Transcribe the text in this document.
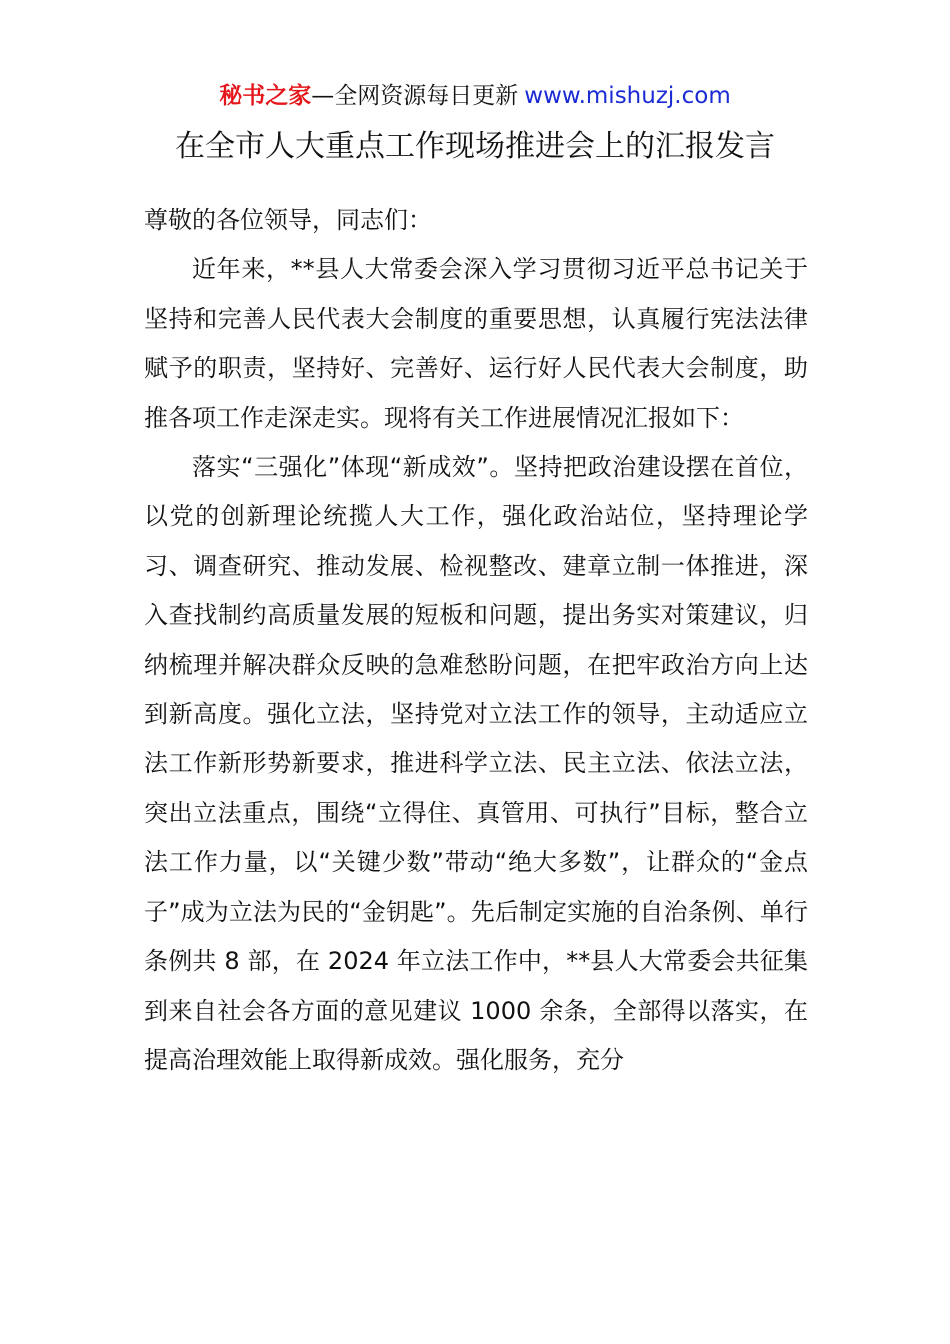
秘书之家—全网资源每日更新 www.mishuzj.com
在全市人大重点工作现场推进会上的汇报发言

尊敬的各位领导，同志们：

近年来，**县人大常委会深入学习贯彻习近平总书记关于坚持和完善人民代表大会制度的重要思想，认真履行宪法法律赋予的职责，坚持好、完善好、运行好人民代表大会制度，助推各项工作走深走实。现将有关工作进展情况汇报如下：

落实“三强化”体现“新成效”。坚持把政治建设摆在首位，以党的创新理论统揽人大工作，强化政治站位，坚持理论学习、调查研究、推动发展、检视整改、建章立制一体推进，深入查找制约高质量发展的短板和问题，提出务实对策建议，归纳梳理并解决群众反映的急难愁盼问题，在把牢政治方向上达到新高度。强化立法，坚持党对立法工作的领导，主动适应立法工作新形势新要求，推进科学立法、民主立法、依法立法，突出立法重点，围绕“立得住、真管用、可执行”目标，整合立法工作力量，以“关键少数”带动“绝大多数”，让群众的“金点子”成为立法为民的“金钥匙”。先后制定实施的自治条例、单行条例共 8 部，在 2024 年立法工作中，**县人大常委会共征集到来自社会各方面的意见建议 1000 余条，全部得以落实，在提高治理效能上取得新成效。强化服务，充分
